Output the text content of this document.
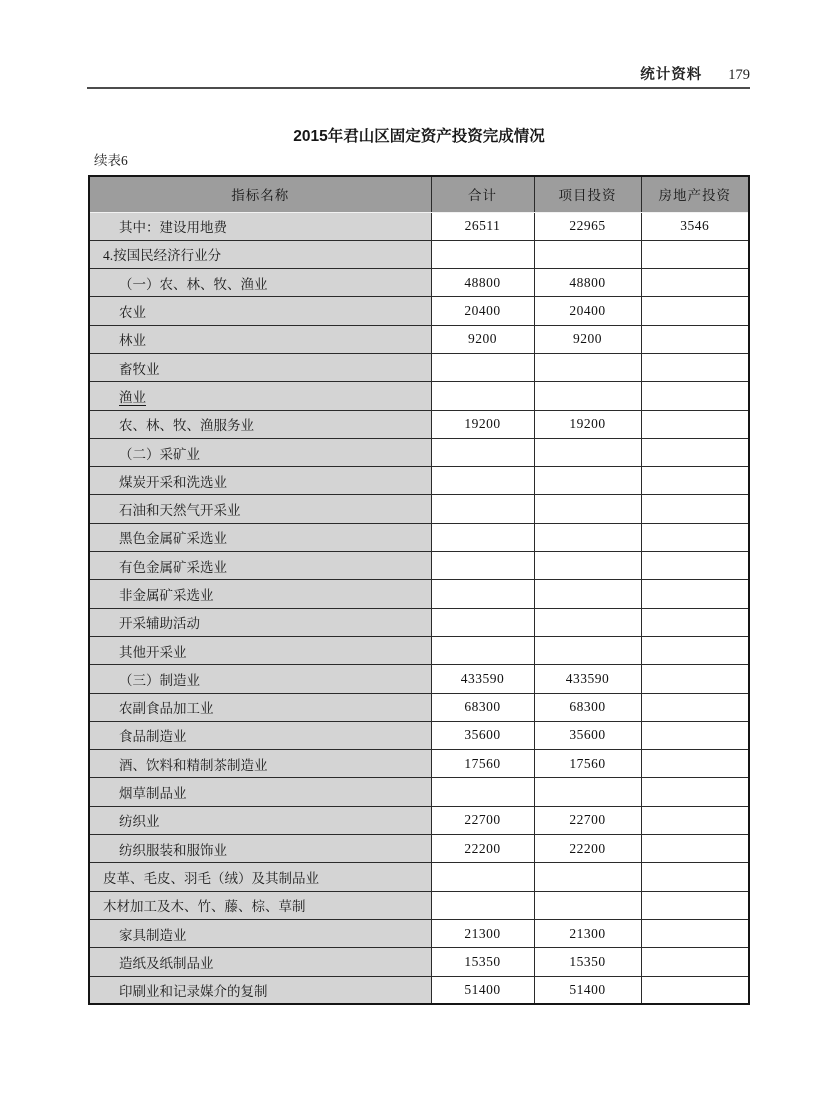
统计资料 179
2015年君山区固定资产投资完成情况
续表6
指标名称	合计	项目投资	房地产投资
其中：建设用地费	26511	22965	3546
4.按国民经济行业分			
（一）农、林、牧、渔业	48800	48800	
农业	20400	20400	
林业	9200	9200	
畜牧业			
渔业			
农、林、牧、渔服务业	19200	19200	
（二）采矿业			
煤炭开采和洗选业			
石油和天然气开采业			
黑色金属矿采选业			
有色金属矿采选业			
非金属矿采选业			
开采辅助活动			
其他开采业			
（三）制造业	433590	433590	
农副食品加工业	68300	68300	
食品制造业	35600	35600	
酒、饮料和精制茶制造业	17560	17560	
烟草制品业			
纺织业	22700	22700	
纺织服装和服饰业	22200	22200	
皮革、毛皮、羽毛（绒）及其制品业			
木材加工及木、竹、藤、棕、草制			
家具制造业	21300	21300	
造纸及纸制品业	15350	15350	
印刷业和记录媒介的复制	51400	51400	
